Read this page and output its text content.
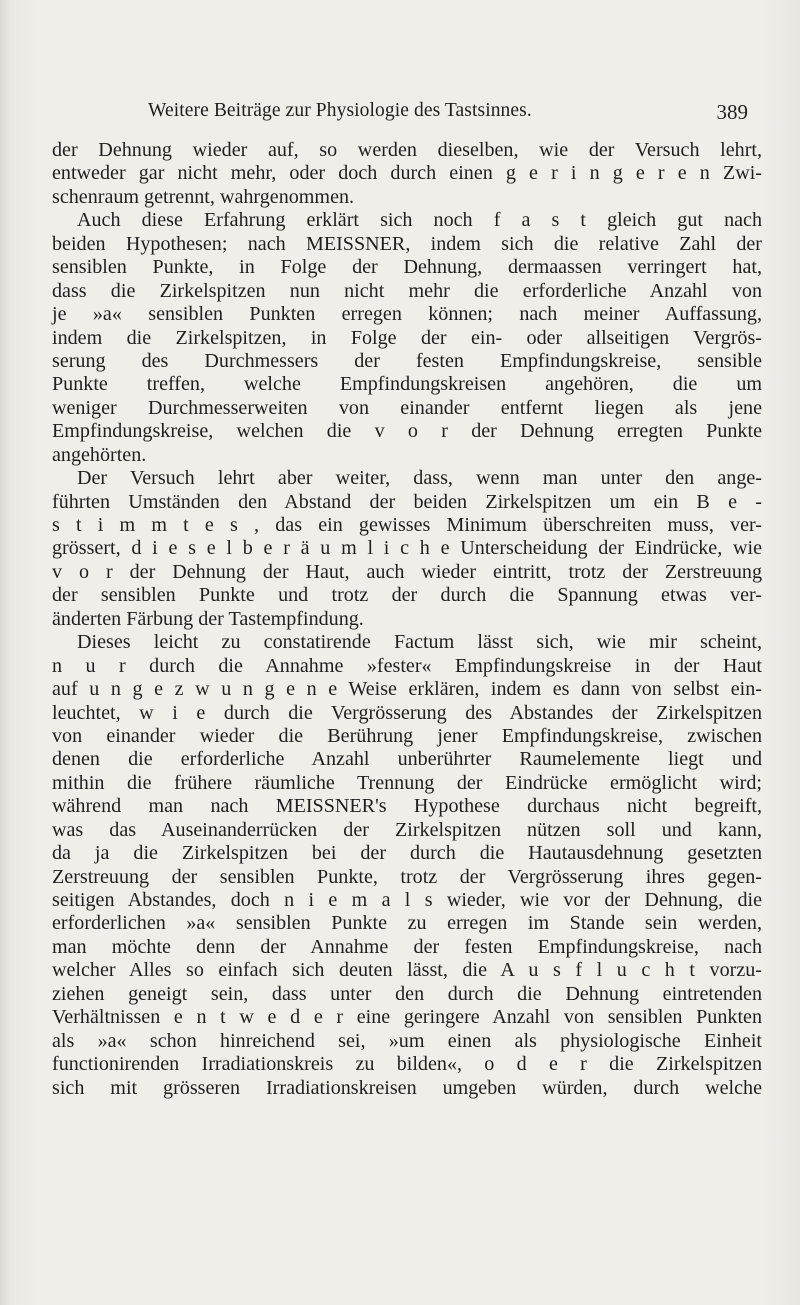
Weitere Beiträge zur Physiologie des Tastsinnes.	389
der Dehnung wieder auf, so werden dieselben, wie der Versuch lehrt,
entweder gar nicht mehr, oder doch durch einen g e r i n g e r e n Zwi-
schenraum getrennt, wahrgenommen.
Auch diese Erfahrung erklärt sich noch f a s t gleich gut nach
beiden Hypothesen; nach MEISSNER, indem sich die relative Zahl der
sensiblen Punkte, in Folge der Dehnung, dermaassen verringert hat,
dass die Zirkelspitzen nun nicht mehr die erforderliche Anzahl von
je »a« sensiblen Punkten erregen können; nach meiner Auffassung,
indem die Zirkelspitzen, in Folge der ein- oder allseitigen Vergrös-
serung des Durchmessers der festen Empfindungskreise, sensible
Punkte treffen, welche Empfindungskreisen angehören, die um
weniger Durchmesserweiten von einander entfernt liegen als jene
Empfindungskreise, welchen die v o r der Dehnung erregten Punkte
angehörten.
Der Versuch lehrt aber weiter, dass, wenn man unter den ange-
führten Umständen den Abstand der beiden Zirkelspitzen um ein B e -
s t i m m t e s , das ein gewisses Minimum überschreiten muss, ver-
grössert, d i e s e l b e r ä u m l i c h e Unterscheidung der Eindrücke, wie
v o r der Dehnung der Haut, auch wieder eintritt, trotz der Zerstreuung
der sensiblen Punkte und trotz der durch die Spannung etwas ver-
änderten Färbung der Tastempfindung.
Dieses leicht zu constatirende Factum lässt sich, wie mir scheint,
n u r durch die Annahme »fester« Empfindungskreise in der Haut
auf u n g e z w u n g e n e Weise erklären, indem es dann von selbst ein-
leuchtet, w i e durch die Vergrösserung des Abstandes der Zirkelspitzen
von einander wieder die Berührung jener Empfindungskreise, zwischen
denen die erforderliche Anzahl unberührter Raumelemente liegt und
mithin die frühere räumliche Trennung der Eindrücke ermöglicht wird;
während man nach MEISSNER's Hypothese durchaus nicht begreift,
was das Auseinanderrücken der Zirkelspitzen nützen soll und kann,
da ja die Zirkelspitzen bei der durch die Hautausdehnung gesetzten
Zerstreuung der sensiblen Punkte, trotz der Vergrösserung ihres gegen-
seitigen Abstandes, doch n i e m a l s wieder, wie vor der Dehnung, die
erforderlichen »a« sensiblen Punkte zu erregen im Stande sein werden,
man möchte denn der Annahme der festen Empfindungskreise, nach
welcher Alles so einfach sich deuten lässt, die A u s f l u c h t vorzu-
ziehen geneigt sein, dass unter den durch die Dehnung eintretenden
Verhältnissen e n t w e d e r eine geringere Anzahl von sensiblen Punkten
als »a« schon hinreichend sei, »um einen als physiologische Einheit
functionirenden Irradiationskreis zu bilden«, o d e r die Zirkelspitzen
sich mit grösseren Irradiationskreisen umgeben würden, durch welche
